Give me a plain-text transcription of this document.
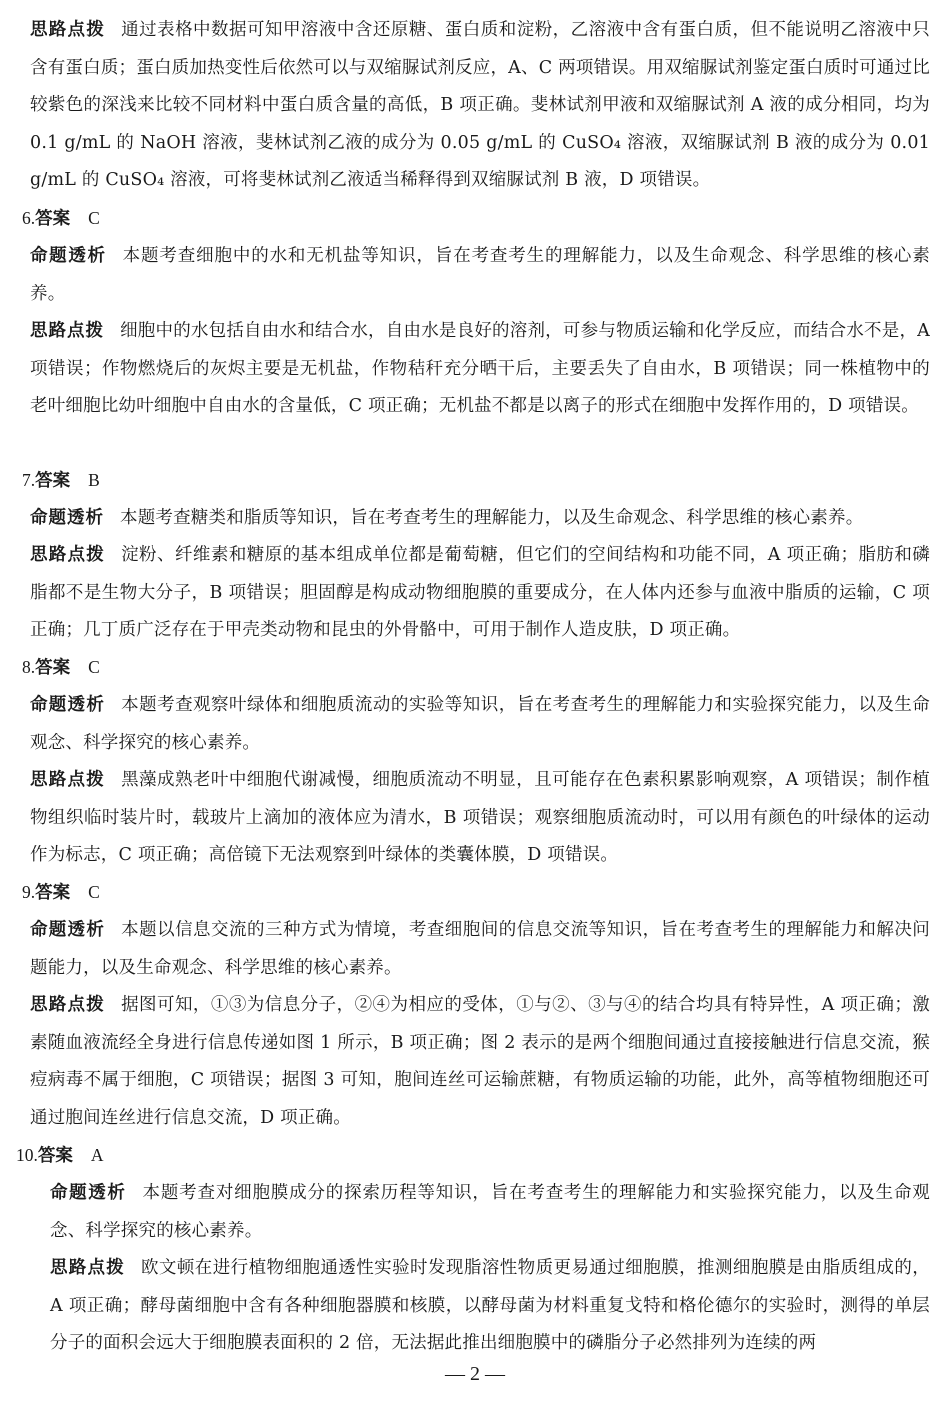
思路点拨 通过表格中数据可知甲溶液中含还原糖、蛋白质和淀粉，乙溶液中含有蛋白质，但不能说明乙溶液中只含有蛋白质；蛋白质加热变性后依然可以与双缩脲试剂反应，A、C 两项错误。用双缩脲试剂鉴定蛋白质时可通过比较紫色的深浅来比较不同材料中蛋白质含量的高低，B 项正确。斐林试剂甲液和双缩脲试剂 A 液的成分相同，均为 0.1 g/mL 的 NaOH 溶液，斐林试剂乙液的成分为 0.05 g/mL 的 CuSO₄ 溶液，双缩脲试剂 B 液的成分为 0.01 g/mL 的 CuSO₄ 溶液，可将斐林试剂乙液适当稀释得到双缩脲试剂 B 液，D 项错误。
6.答案 C
命题透析 本题考查细胞中的水和无机盐等知识，旨在考查考生的理解能力，以及生命观念、科学思维的核心素养。
思路点拨 细胞中的水包括自由水和结合水，自由水是良好的溶剂，可参与物质运输和化学反应，而结合水不是，A 项错误；作物燃烧后的灰烬主要是无机盐，作物秸秆充分晒干后，主要丢失了自由水，B 项错误；同一株植物中的老叶细胞比幼叶细胞中自由水的含量低，C 项正确；无机盐不都是以离子的形式在细胞中发挥作用的，D 项错误。
7.答案 B
命题透析 本题考查糖类和脂质等知识，旨在考查考生的理解能力，以及生命观念、科学思维的核心素养。
思路点拨 淀粉、纤维素和糖原的基本组成单位都是葡萄糖，但它们的空间结构和功能不同，A 项正确；脂肪和磷脂都不是生物大分子，B 项错误；胆固醇是构成动物细胞膜的重要成分，在人体内还参与血液中脂质的运输，C 项正确；几丁质广泛存在于甲壳类动物和昆虫的外骨骼中，可用于制作人造皮肤，D 项正确。
8.答案 C
命题透析 本题考查观察叶绿体和细胞质流动的实验等知识，旨在考查考生的理解能力和实验探究能力，以及生命观念、科学探究的核心素养。
思路点拨 黑藻成熟老叶中细胞代谢减慢，细胞质流动不明显，且可能存在色素积累影响观察，A 项错误；制作植物组织临时装片时，载玻片上滴加的液体应为清水，B 项错误；观察细胞质流动时，可以用有颜色的叶绿体的运动作为标志，C 项正确；高倍镜下无法观察到叶绿体的类囊体膜，D 项错误。
9.答案 C
命题透析 本题以信息交流的三种方式为情境，考查细胞间的信息交流等知识，旨在考查考生的理解能力和解决问题能力，以及生命观念、科学思维的核心素养。
思路点拨 据图可知，①③为信息分子，②④为相应的受体，①与②、③与④的结合均具有特异性，A 项正确；激素随血液流经全身进行信息传递如图 1 所示，B 项正确；图 2 表示的是两个细胞间通过直接接触进行信息交流，猴痘病毒不属于细胞，C 项错误；据图 3 可知，胞间连丝可运输蔗糖，有物质运输的功能，此外，高等植物细胞还可通过胞间连丝进行信息交流，D 项正确。
10.答案 A
命题透析 本题考查对细胞膜成分的探索历程等知识，旨在考查考生的理解能力和实验探究能力，以及生命观念、科学探究的核心素养。
思路点拨 欧文顿在进行植物细胞通透性实验时发现脂溶性物质更易通过细胞膜，推测细胞膜是由脂质组成的，A 项正确；酵母菌细胞中含有各种细胞器膜和核膜，以酵母菌为材料重复戈特和格伦德尔的实验时，测得的单层分子的面积会远大于细胞膜表面积的 2 倍，无法据此推出细胞膜中的磷脂分子必然排列为连续的两
— 2 —
